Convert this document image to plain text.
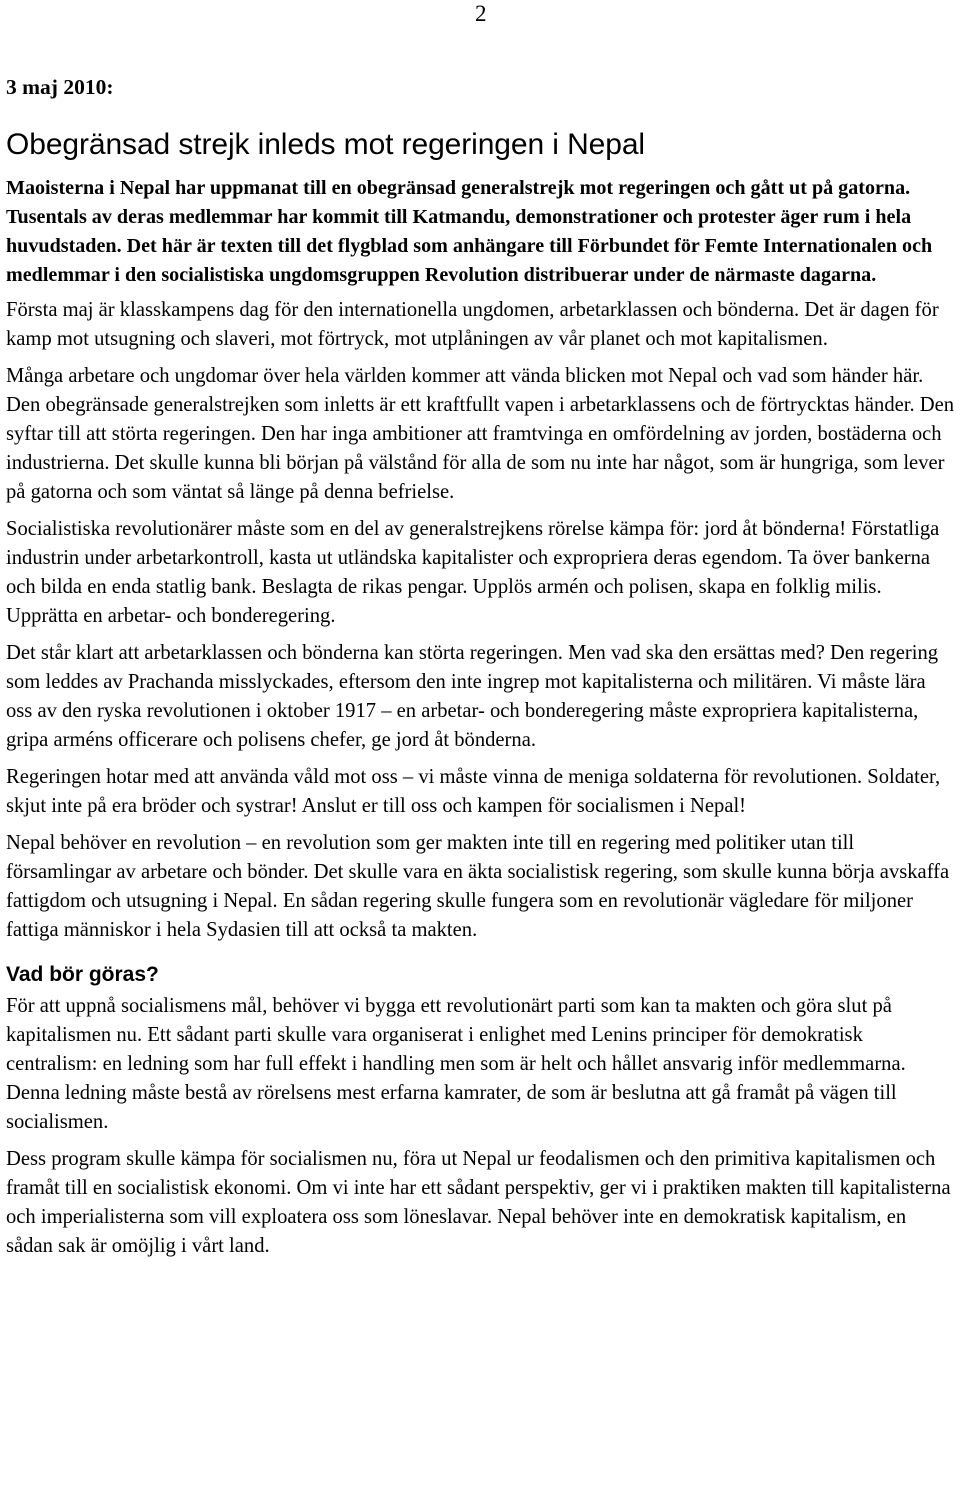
2
3 maj 2010:
Obegränsad strejk inleds mot regeringen i Nepal

Maoisterna i Nepal har uppmanat till en obegränsad generalstrejk mot regeringen och gått ut på gatorna. Tusentals av deras medlemmar har kommit till Katmandu, demonstrationer och protester äger rum i hela huvudstaden. Det här är texten till det flygblad som anhängare till Förbundet för Femte Internationalen och medlemmar i den socialistiska ungdomsgruppen Revolution distribuerar under de närmaste dagarna.

Första maj är klasskampens dag för den internationella ungdomen, arbetarklassen och bönderna. Det är dagen för kamp mot utsugning och slaveri, mot förtryck, mot utplåningen av vår planet och mot kapitalismen.

Många arbetare och ungdomar över hela världen kommer att vända blicken mot Nepal och vad som händer här. Den obegränsade generalstrejken som inletts är ett kraftfullt vapen i arbetarklassens och de förtrycktas händer. Den syftar till att störta regeringen. Den har inga ambitioner att framtvinga en omfördelning av jorden, bostäderna och industrierna. Det skulle kunna bli början på välstånd för alla de som nu inte har något, som är hungriga, som lever på gatorna och som väntat så länge på denna befrielse.

Socialistiska revolutionärer måste som en del av generalstrejkens rörelse kämpa för: jord åt bönderna! Förstatliga industrin under arbetarkontroll, kasta ut utländska kapitalister och expropriera deras egendom. Ta över bankerna och bilda en enda statlig bank. Beslagta de rikas pengar. Upplös armén och polisen, skapa en folklig milis. Upprätta en arbetar- och bonderegering.

Det står klart att arbetarklassen och bönderna kan störta regeringen. Men vad ska den ersättas med? Den regering som leddes av Prachanda misslyckades, eftersom den inte ingrep mot kapitalisterna och militären. Vi måste lära oss av den ryska revolutionen i oktober 1917 – en arbetar- och bonderegering måste expropriera kapitalisterna, gripa arméns officerare och polisens chefer, ge jord åt bönderna.

Regeringen hotar med att använda våld mot oss – vi måste vinna de meniga soldaterna för revolutionen. Soldater, skjut inte på era bröder och systrar! Anslut er till oss och kampen för socialismen i Nepal!

Nepal behöver en revolution – en revolution som ger makten inte till en regering med politiker utan till församlingar av arbetare och bönder. Det skulle vara en äkta socialistisk regering, som skulle kunna börja avskaffa fattigdom och utsugning i Nepal. En sådan regering skulle fungera som en revolutionär vägledare för miljoner fattiga människor i hela Sydasien till att också ta makten.

Vad bör göras?

För att uppnå socialismens mål, behöver vi bygga ett revolutionärt parti som kan ta makten och göra slut på kapitalismen nu. Ett sådant parti skulle vara organiserat i enlighet med Lenins principer för demokratisk centralism: en ledning som har full effekt i handling men som är helt och hållet ansvarig inför medlemmarna. Denna ledning måste bestå av rörelsens mest erfarna kamrater, de som är beslutna att gå framåt på vägen till socialismen.

Dess program skulle kämpa för socialismen nu, föra ut Nepal ur feodalismen och den primitiva kapitalismen och framåt till en socialistisk ekonomi. Om vi inte har ett sådant perspektiv, ger vi i praktiken makten till kapitalisterna och imperialisterna som vill exploatera oss som löneslavar. Nepal behöver inte en demokratisk kapitalism, en sådan sak är omöjlig i vårt land.
